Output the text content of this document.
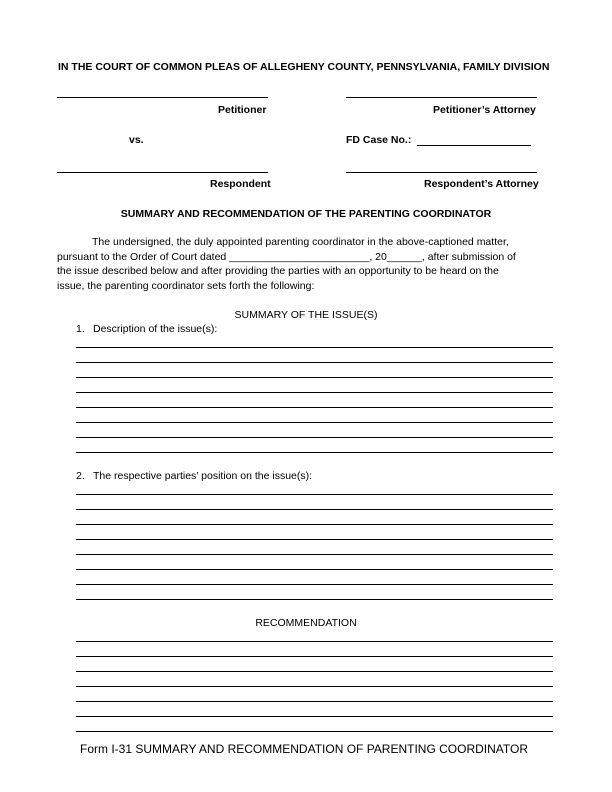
IN THE COURT OF COMMON PLEAS OF ALLEGHENY COUNTY, PENNSYLVANIA, FAMILY DIVISION
Petitioner	Petitioner’s Attorney
vs.	FD Case No.:
Respondent	Respondent’s Attorney
SUMMARY AND RECOMMENDATION OF THE PARENTING COORDINATOR
The undersigned, the duly appointed parenting coordinator in the above-captioned matter,
pursuant to the Order of Court dated ________________________, 20______, after submission of
the issue described below and after providing the parties with an opportunity to be heard on the
issue, the parenting coordinator sets forth the following:
SUMMARY OF THE ISSUE(S)
1. Description of the issue(s):
2. The respective parties’ position on the issue(s):
RECOMMENDATION
Form I-31 SUMMARY AND RECOMMENDATION OF PARENTING COORDINATOR
